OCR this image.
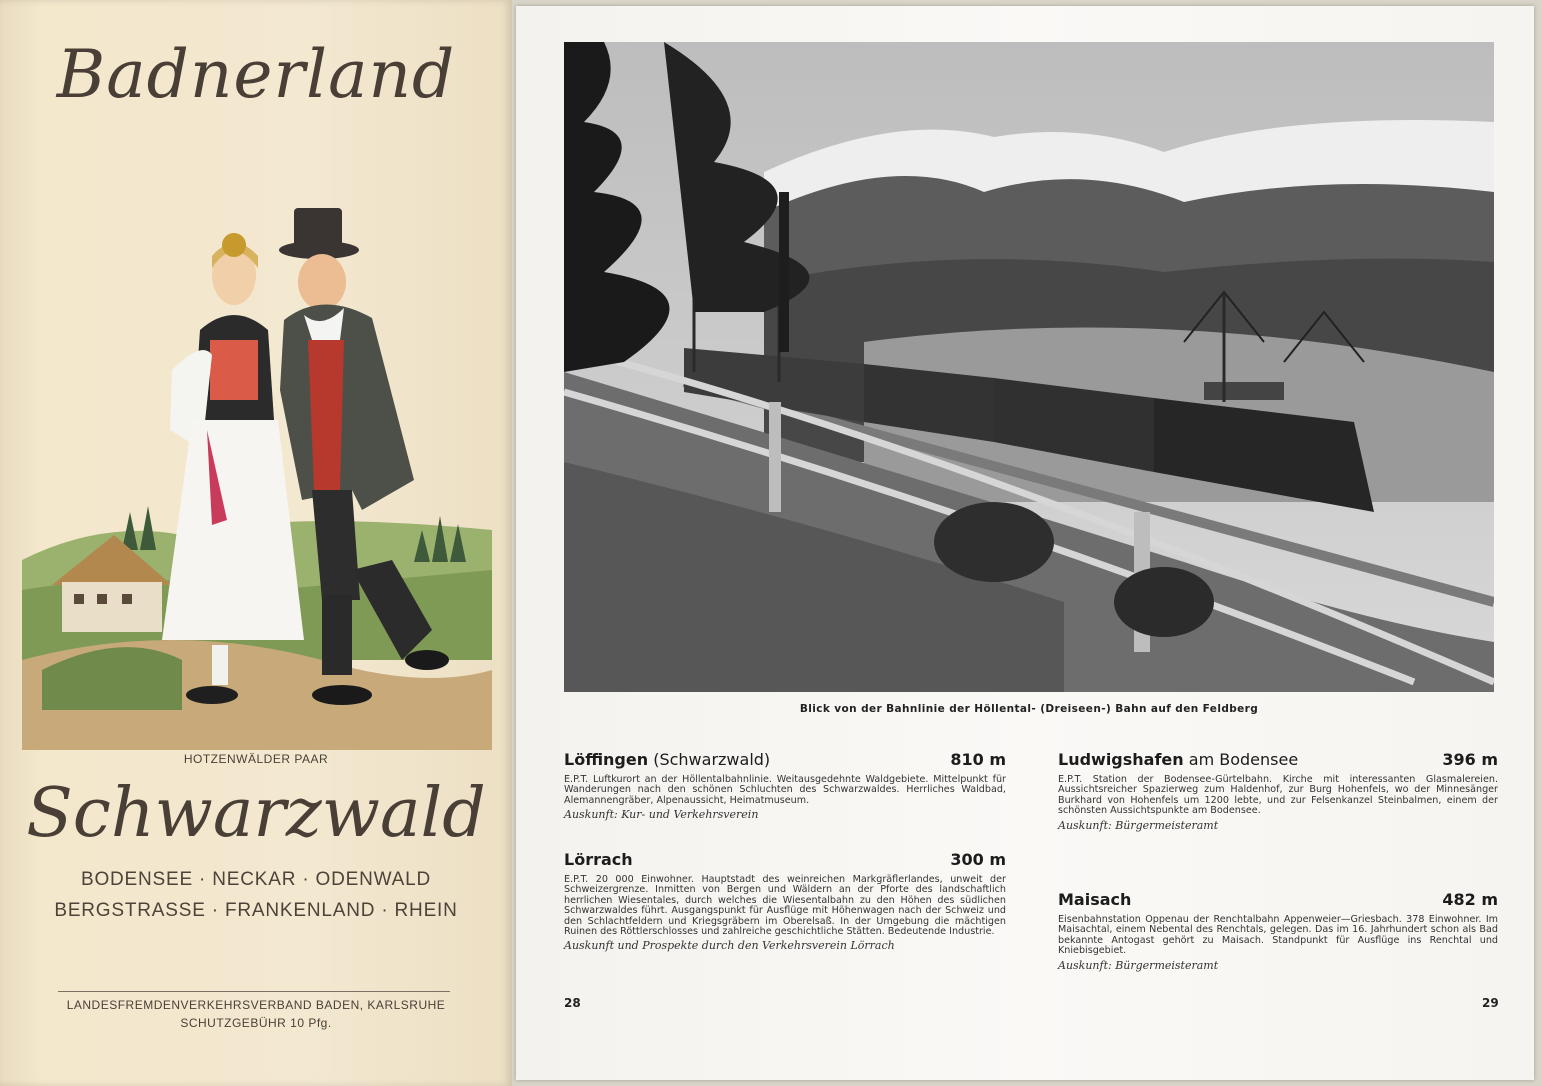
Badnerland
HOTZENWÄLDER PAAR
Schwarzwald
BODENSEE · NECKAR · ODENWALD
BERGSTRASSE · FRANKENLAND · RHEIN
LANDESFREMDENVERKEHRSVERBAND BADEN, KARLSRUHE
SCHUTZGEBÜHR 10 Pfg.
Blick von der Bahnlinie der Höllental- (Dreiseen-) Bahn auf den Feldberg
Löffingen (Schwarzwald)	810 m
E.P.T. Luftkurort an der Höllentalbahnlinie. Weitausgedehnte Waldgebiete. Mittelpunkt für Wanderungen nach den schönen Schluchten des Schwarzwaldes. Herrliches Waldbad, Alemannengräber, Alpenaussicht, Heimatmuseum.
Auskunft: Kur- und Verkehrsverein
Lörrach	300 m
E.P.T. 20 000 Einwohner. Hauptstadt des weinreichen Markgräflerlandes, unweit der Schweizergrenze. Inmitten von Bergen und Wäldern an der Pforte des landschaftlich herrlichen Wiesentales, durch welches die Wiesentalbahn zu den Höhen des südlichen Schwarzwaldes führt. Ausgangspunkt für Ausflüge mit Höhenwagen nach der Schweiz und den Schlachtfeldern und Kriegsgräbern im Oberelsaß. In der Umgebung die mächtigen Ruinen des Röttlerschlosses und zahlreiche geschichtliche Stätten. Bedeutende Industrie.
Auskunft und Prospekte durch den Verkehrsverein Lörrach
28
Ludwigshafen am Bodensee	396 m
E.P.T. Station der Bodensee-Gürtelbahn. Kirche mit interessanten Glasmalereien. Aussichtsreicher Spazierweg zum Haldenhof, zur Burg Hohenfels, wo der Minnesänger Burkhard von Hohenfels um 1200 lebte, und zur Felsenkanzel Steinbalmen, einem der schönsten Aussichtspunkte am Bodensee.
Auskunft: Bürgermeisteramt
Maisach	482 m
Eisenbahnstation Oppenau der Renchtalbahn Appenweier—Griesbach. 378 Einwohner. Im Maisachtal, einem Nebental des Renchtals, gelegen. Das im 16. Jahrhundert schon als Bad bekannte Antogast gehört zu Maisach. Standpunkt für Ausflüge ins Renchtal und Kniebisgebiet.
Auskunft: Bürgermeisteramt
29
